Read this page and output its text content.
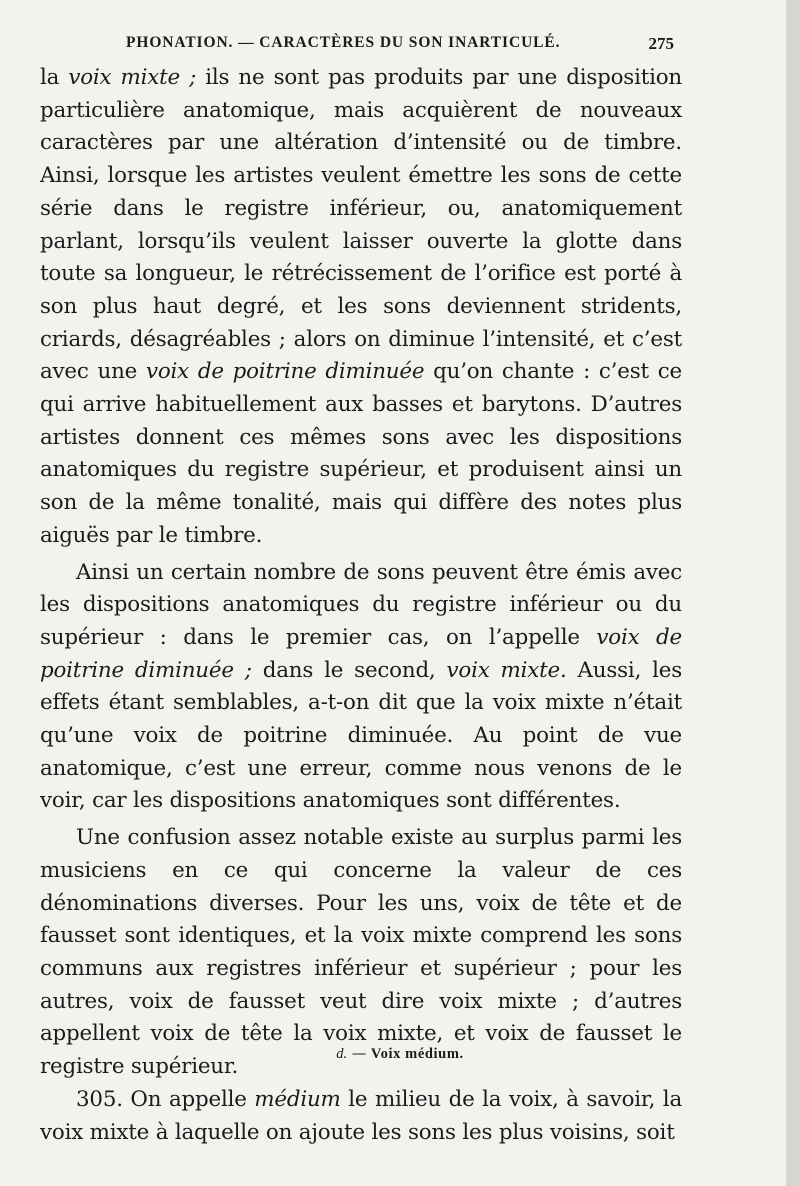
PHONATION. — CARACTÈRES DU SON INARTICULÉ.	275

la voix mixte ; ils ne sont pas produits par une disposition particulière anatomique, mais acquièrent de nouveaux caractères par une altération d’intensité ou de timbre. Ainsi, lorsque les artistes veulent émettre les sons de cette série dans le registre inférieur, ou, anatomiquement parlant, lorsqu’ils veulent laisser ouverte la glotte dans toute sa longueur, le rétrécissement de l’orifice est porté à son plus haut degré, et les sons deviennent stridents, criards, désagréables ; alors on diminue l’intensité, et c’est avec une voix de poitrine diminuée qu’on chante : c’est ce qui arrive habituellement aux basses et barytons. D’autres artistes donnent ces mêmes sons avec les dispositions anatomiques du registre supérieur, et produisent ainsi un son de la même tonalité, mais qui diffère des notes plus aiguës par le timbre.

Ainsi un certain nombre de sons peuvent être émis avec les dispositions anatomiques du registre inférieur ou du supérieur : dans le premier cas, on l’appelle voix de poitrine diminuée ; dans le second, voix mixte. Aussi, les effets étant semblables, a-t-on dit que la voix mixte n’était qu’une voix de poitrine diminuée. Au point de vue anatomique, c’est une erreur, comme nous venons de le voir, car les dispositions anatomiques sont différentes.

Une confusion assez notable existe au surplus parmi les musiciens en ce qui concerne la valeur de ces dénominations diverses. Pour les uns, voix de tête et de fausset sont identiques, et la voix mixte comprend les sons communs aux registres inférieur et supérieur ; pour les autres, voix de fausset veut dire voix mixte ; d’autres appellent voix de tête la voix mixte, et voix de fausset le registre supérieur.

d. — Voix médium.

305. On appelle médium le milieu de la voix, à savoir, la voix mixte à laquelle on ajoute les sons les plus voisins, soit
